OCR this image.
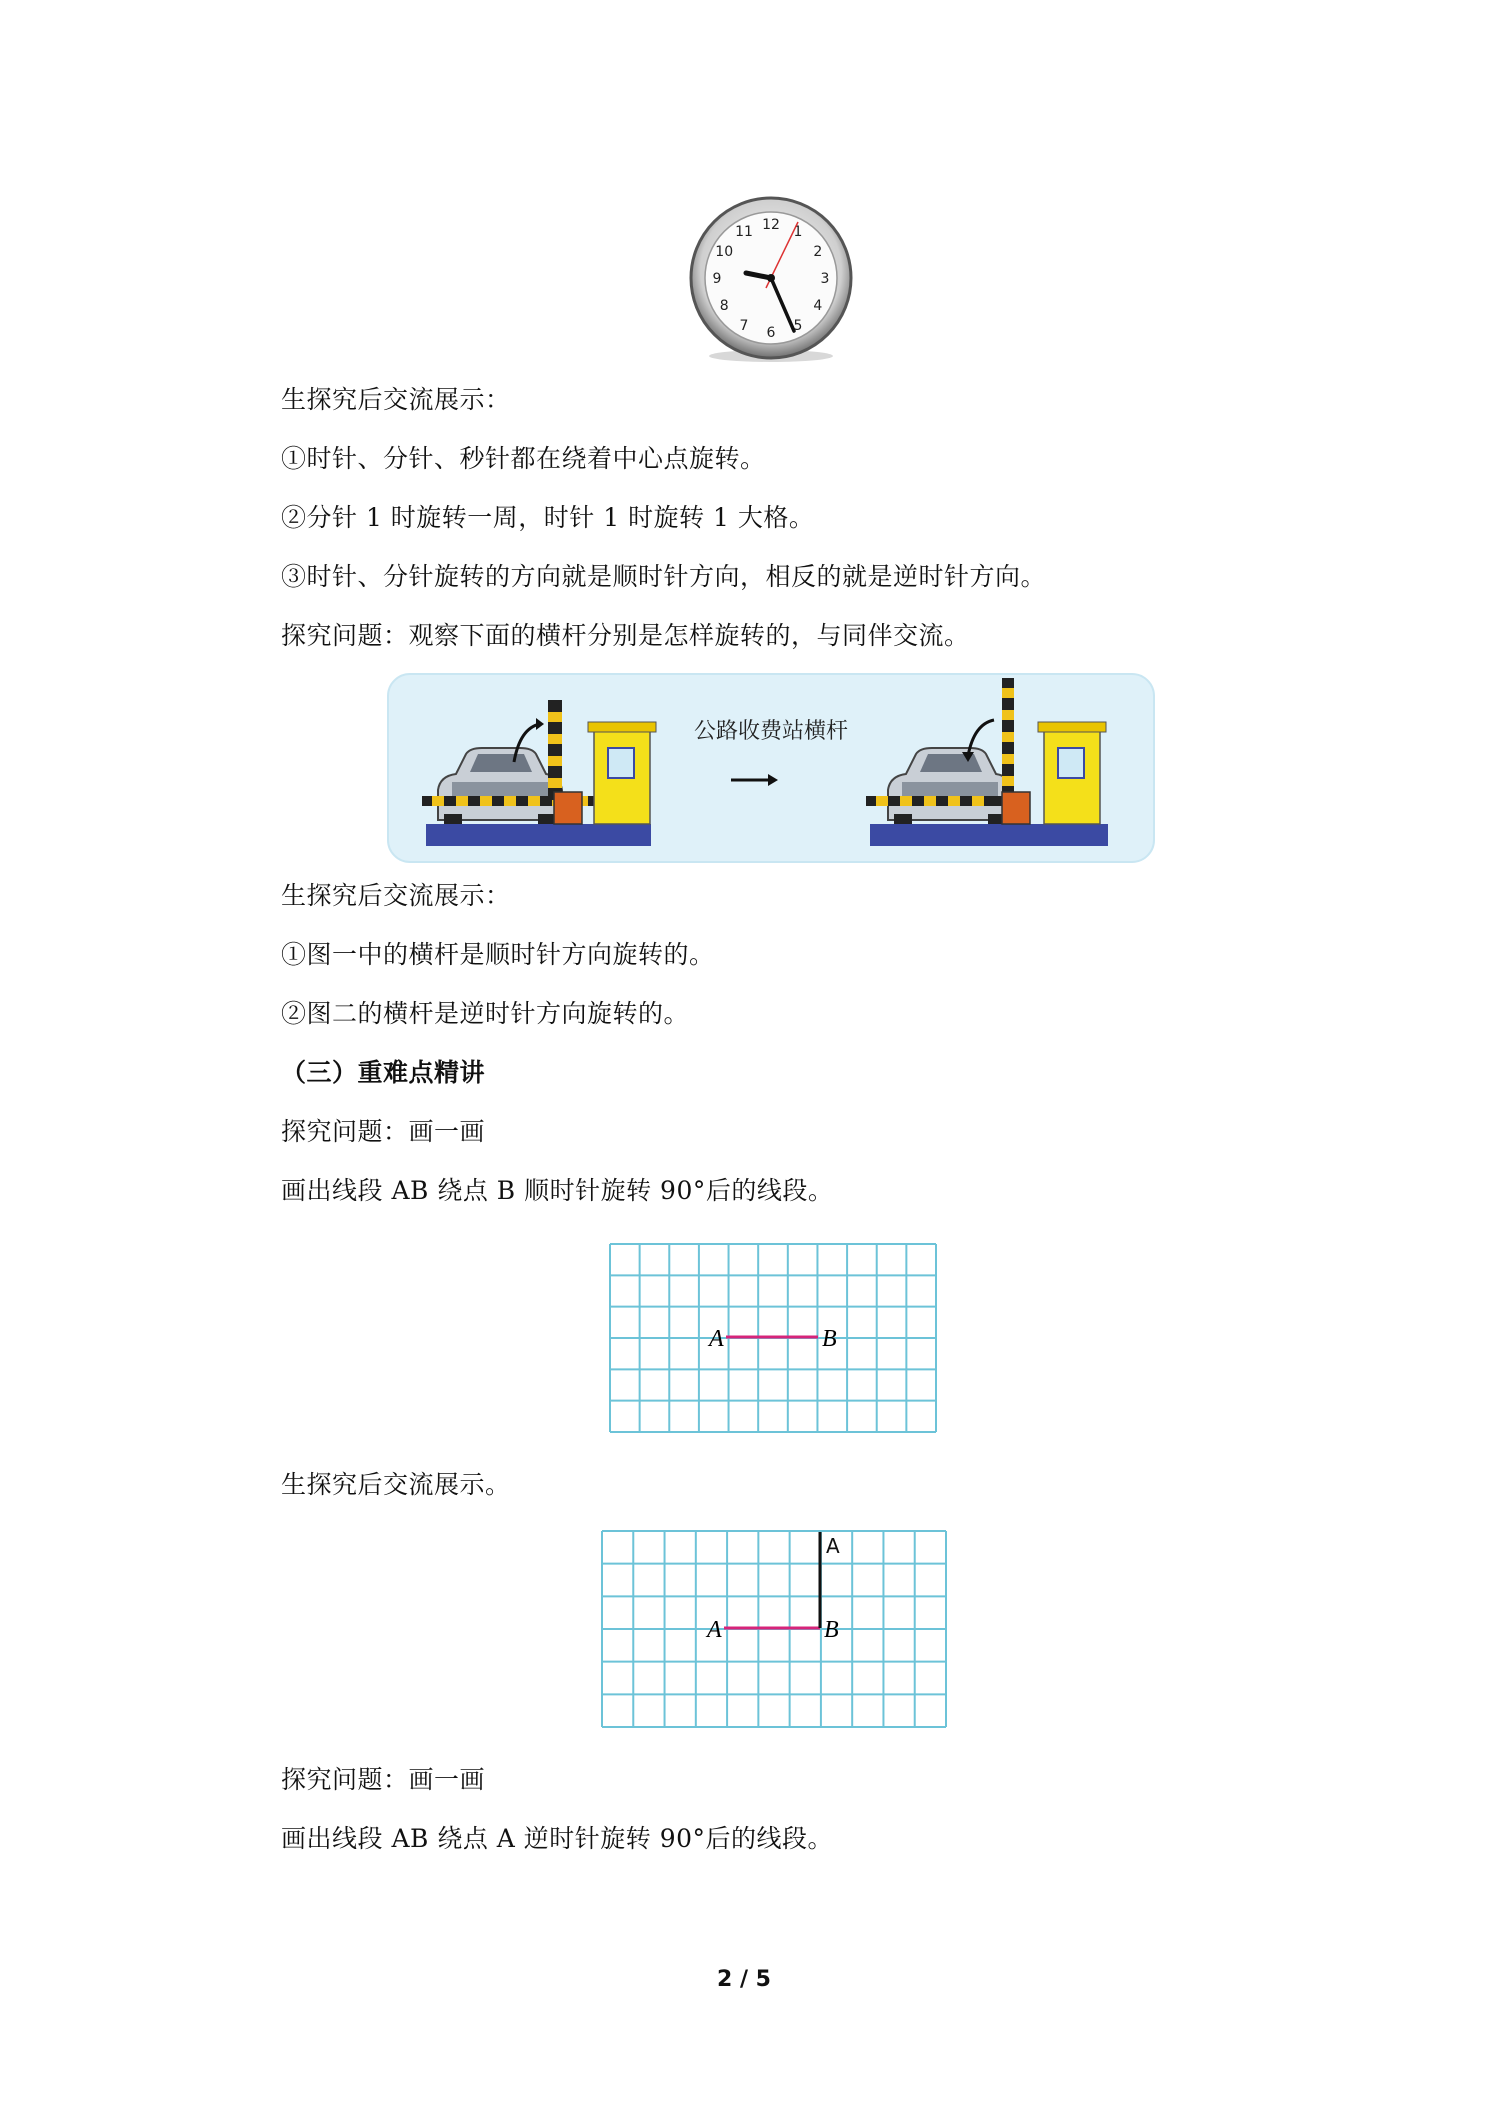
12 1
2
3
4
5
6
7
8
9
10
11
生探究后交流展示：
①时针、分针、秒针都在绕着中心点旋转。
②分针 1 时旋转一周，时针 1 时旋转 1 大格。
③时针、分针旋转的方向就是顺时针方向，相反的就是逆时针方向。
探究问题：观察下面的横杆分别是怎样旋转的，与同伴交流。
公路收费站横杆
生探究后交流展示：
①图一中的横杆是顺时针方向旋转的。
②图二的横杆是逆时针方向旋转的。
（三）重难点精讲
探究问题：画一画
画出线段 AB 绕点 B 顺时针旋转 90°后的线段。
A	B
生探究后交流展示。
A	B
A
探究问题：画一画
画出线段 AB 绕点 A 逆时针旋转 90°后的线段。
2 / 5
